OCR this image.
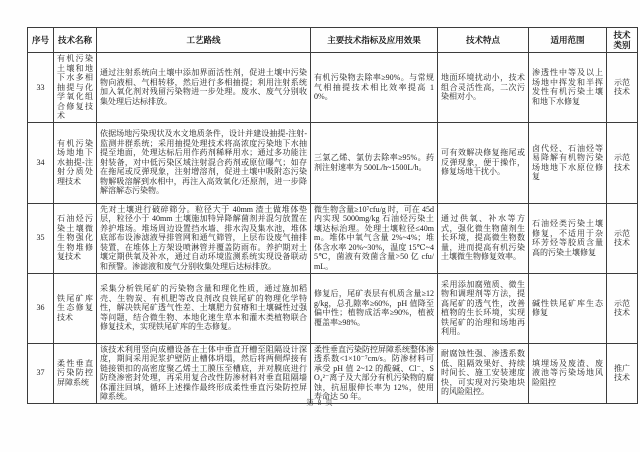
序号	技术名称	工艺路线	主要技术指标及应用效果	技术特点	适用范围	技术类别

33	有机污染土壤和地下水多相抽提与化学氧化组合修复技术	通过注射系统向土壤中添加界面活性剂，促进土壤中污染物向液相、气相转移，然后进行多相抽提；利用注射系统加入氧化剂对残留污染物进一步处理。废水、废气分别收集处理后达标排放。	有机污染物去除率≥90%。与常规气相抽提技术相比效率提高 10%。	地面环境扰动小，技术组合灵活性高，二次污染相对小。	渗透性中等及以上场地中挥发和半挥发性有机污染土壤和地下水修复	示范技术

34	有机污染场地地下水抽提-注射分质处理技术	依据场地污染现状及水文地质条件，设计并建设抽提-注射-监测井群系统；采用抽提处理技术将高浓度污染地下水抽提至地面，处理达标后用作药剂稀释用水；通过多功能注射装备，对中低污染区域注射混合药剂或原位曝气；如存在拖尾或反弹现象，注射增溶剂，促进土壤中吸附态污染物解吸溶解到水相中，再注入高效氧化/还原剂，进一步降解溶解态污染物。	三氯乙烯、氯仿去除率≥95%。药剂注射速率为 500L/h~1500L/h。	可有效解决修复拖尾或反弹现象，便于操作，修复场地干扰小。	卤代烃、石油烃等易降解有机物污染场地地下水原位修复	示范技术

35	石油烃污染土壤微生物强化生物堆修复技术	先对土壤进行破碎筛分。粒径大于 40mm 渣土做堆体垫层，粒径小于 40mm 土壤施加特异降解菌剂并混匀放置在养护堆场。堆场周边设置挡水墙、排水沟及集水池，堆体底部布设渗滤液导排管网和通气筛管，上层布设废气抽排装置，在堆体上方架设喷淋管并覆盖防雨布。养护期对土壤定期供氧及补水，通过自动环境监测系统实现设备联动和预警。渗滤液和废气分别收集处理后达标排放。	微生物含量≥10⁷cfu/g 时，可在 45d 内实现 5000mg/kg 石油烃污染土壤达标治理。处理土壤粒径≤40mm。堆体中氧气含量 2%~4%；堆体含水率 20%~30%，温度 15℃~45℃，菌液有效菌含量>50 亿 cfu/mL。	通过供氧、补水等方式，强化微生物菌剂生长环境，提高微生物数量，进而提高有机污染土壤微生物修复效率。	石油烃类污染土壤修复，不适用于杂环芳烃等胶质含量高的污染土壤修复	示范技术

36	铁尾矿库生态修复技术	采集分析铁尾矿的污染物含量和理化性质，通过施加稻壳、生物炭、有机肥等改良剂改良铁尾矿的物理化学特性，解决铁尾矿透气性差、土壤肥力贫瘠和土壤碱性过强等问题，结合微生物、本地化速生草本和灌木类植物联合修复技术，实现铁尾矿库的生态修复。	修复后，尾矿表层有机质含量≥12g/kg，总孔隙率≥60%，pH 值降至偏中性；植物成活率≥90%，植被覆盖率≥98%。	采用添加腐殖质、微生物和调理剂等方法，提高尾矿的透气性，改善植物的生长环境，实现铁尾矿的治理和场地再利用。	碱性铁尾矿库生态修复	示范技术

37	柔性垂直污染防控屏障系统	该技术利用竖向成槽设备在土体中垂直开槽至阻隔设计深度，期间采用泥浆护壁防止槽体坍塌，然后将两侧焊接有链接锁扣的高密度聚乙烯土工膜压至槽底，并对膜底进行防绕渗密封处理，再采用复合改性防渗材料对垂直阻隔墙体灌注回填，循环上述操作最终形成柔性垂直污染防控屏障系统。	柔性垂直污染防控屏障系统整体渗透系数<1×10⁻⁷cm/s。防渗材料可承受 pH 值 2~12 的酸碱、Cl⁻、SO₄²⁻离子及大部分有机污染物的腐蚀，抗屈服伸长率为 12%，使用寿命达 50 年。	耐腐蚀性强、渗透系数低、阻隔效果好、持续时间长、施工安装速度快，可实现对污染地块的风险阻控。	填埋场及废渣、废液池等污染场地风险阻控	推广技术
第 8 页
